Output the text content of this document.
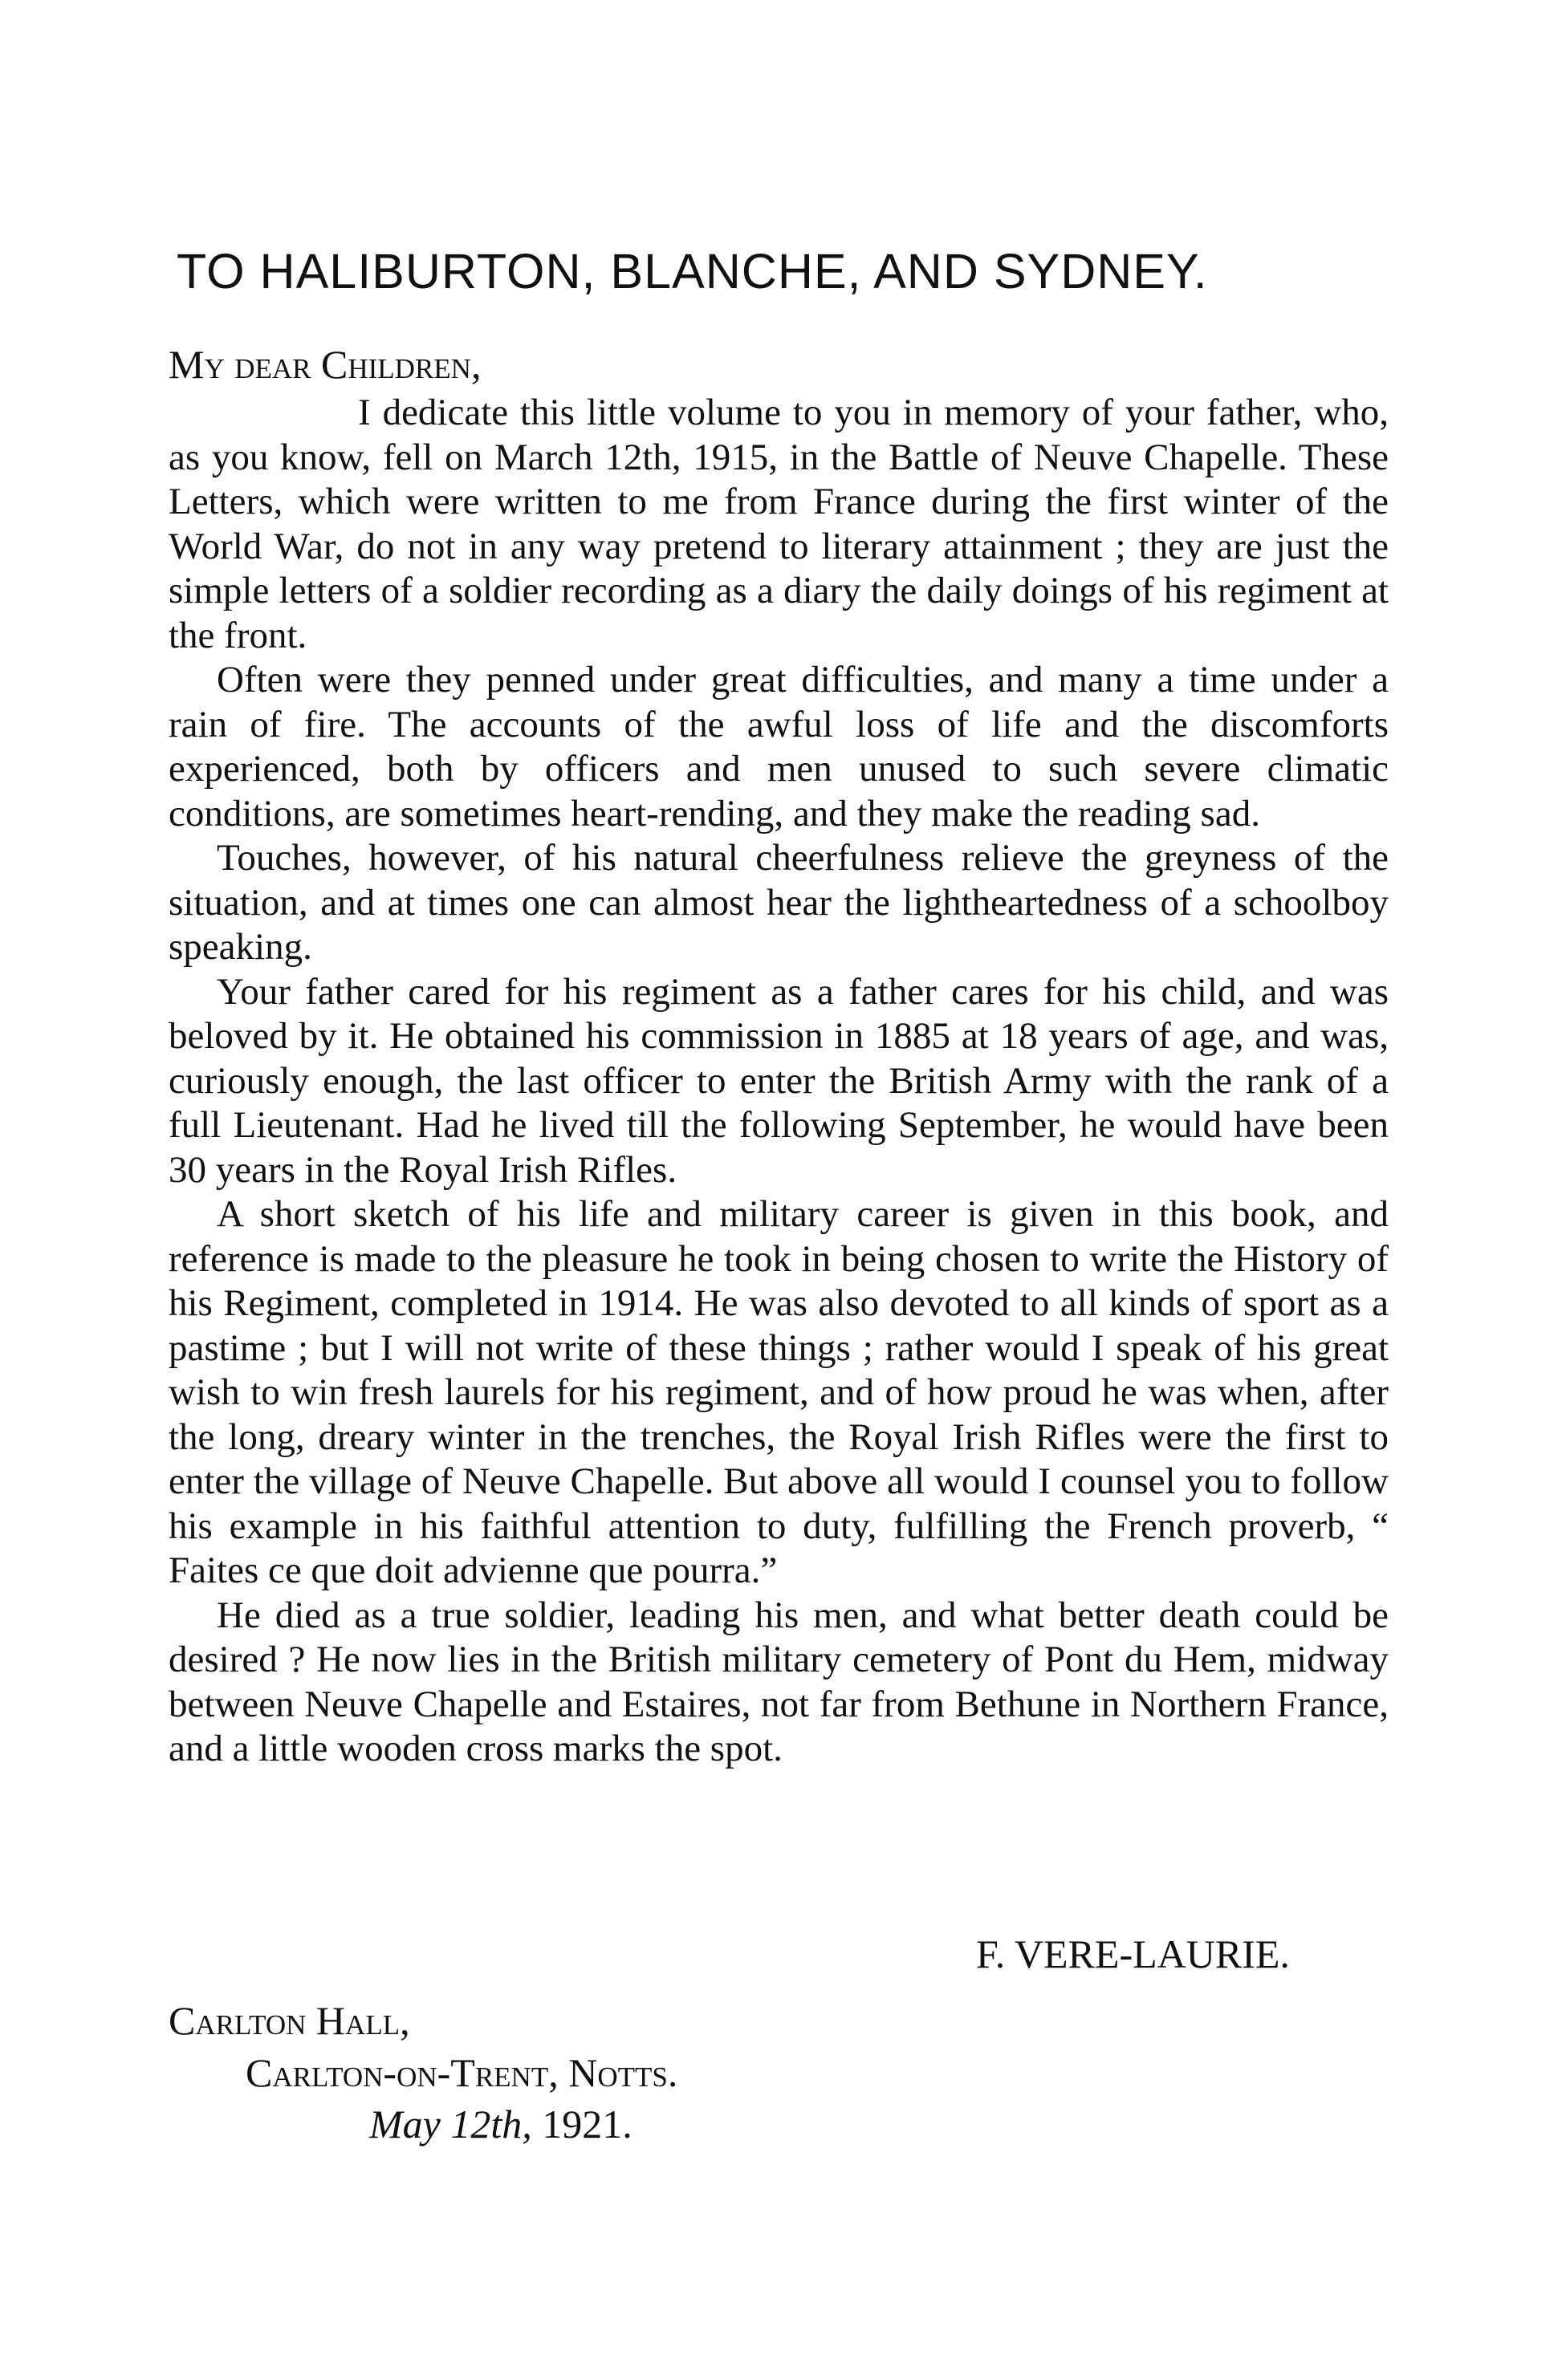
TO HALIBURTON, BLANCHE, AND SYDNEY.

My dear Children,

I dedicate this little volume to you in memory of your father, who, as you know, fell on March 12th, 1915, in the Battle of Neuve Chapelle. These Letters, which were written to me from France during the first winter of the World War, do not in any way pretend to literary attainment ; they are just the simple letters of a soldier recording as a diary the daily doings of his regiment at the front.

Often were they penned under great difficulties, and many a time under a rain of fire. The accounts of the awful loss of life and the discomforts experienced, both by officers and men unused to such severe climatic conditions, are sometimes heart-rending, and they make the reading sad.

Touches, however, of his natural cheerfulness relieve the greyness of the situation, and at times one can almost hear the lightheartedness of a schoolboy speaking.

Your father cared for his regiment as a father cares for his child, and was beloved by it. He obtained his commission in 1885 at 18 years of age, and was, curiously enough, the last officer to enter the British Army with the rank of a full Lieutenant. Had he lived till the following September, he would have been 30 years in the Royal Irish Rifles.

A short sketch of his life and military career is given in this book, and reference is made to the pleasure he took in being chosen to write the History of his Regiment, completed in 1914. He was also devoted to all kinds of sport as a pastime ; but I will not write of these things ; rather would I speak of his great wish to win fresh laurels for his regiment, and of how proud he was when, after the long, dreary winter in the trenches, the Royal Irish Rifles were the first to enter the village of Neuve Chapelle. But above all would I counsel you to follow his example in his faithful attention to duty, fulfilling the French proverb, “ Faites ce que doit advienne que pourra.”

He died as a true soldier, leading his men, and what better death could be desired ? He now lies in the British military cemetery of Pont du Hem, midway between Neuve Chapelle and Estaires, not far from Bethune in Northern France, and a little wooden cross marks the spot.

F. VERE-LAURIE.
Carlton Hall,
Carlton-on-Trent, Notts.
May 12th, 1921.
